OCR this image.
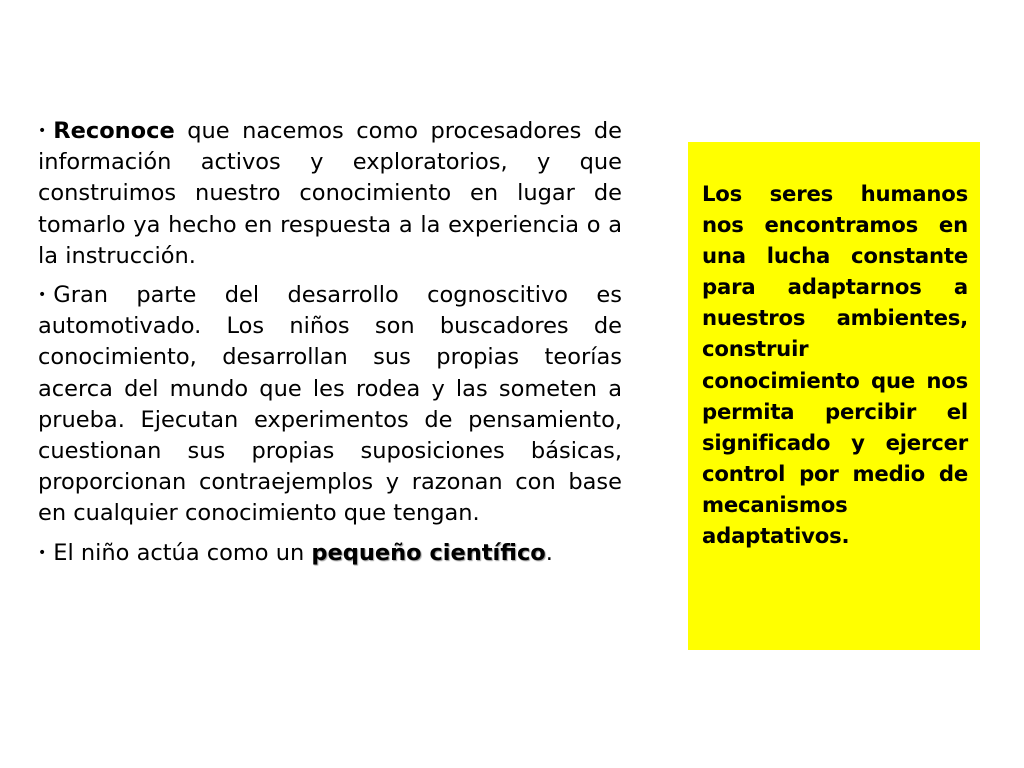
• Reconoce que nacemos como procesadores de información activos y exploratorios, y que construimos nuestro conocimiento en lugar de tomarlo ya hecho en respuesta a la experiencia o a la instrucción.
• Gran parte del desarrollo cognoscitivo es automotivado. Los niños son buscadores de conocimiento, desarrollan sus propias teorías acerca del mundo que les rodea y las someten a prueba. Ejecutan experimentos de pensamiento, cuestionan sus propias suposiciones básicas, proporcionan contraejemplos y razonan con base en cualquier conocimiento que tengan.
• El niño actúa como un pequeño científico.
Los seres humanos nos encontramos en una lucha constante para adaptarnos a nuestros ambientes, construir conocimiento que nos permita percibir el significado y ejercer control por medio de mecanismos adaptativos.
